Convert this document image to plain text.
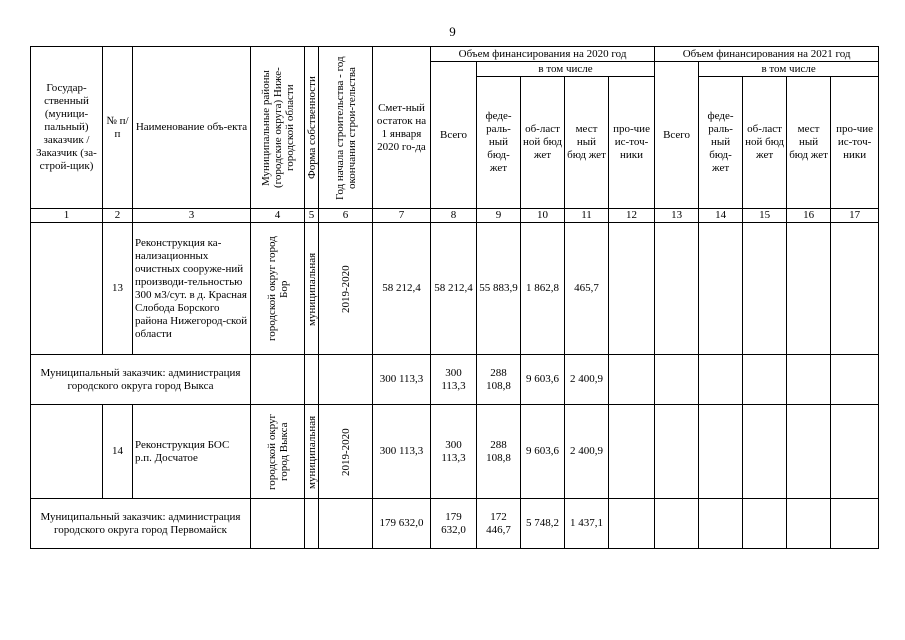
9
Государ-ственный (муници-пальный) заказчик /Заказчик (за-строй-щик)	№ п/п	Наименование объ-екта	Муниципальные районы (городские округа) Ниже-городской области	Форма собственности	Год начала строительства - год окончания строи-тельства	Смет-ный остаток на 1 января 2020 го-да	Объем финансирования на 2020 год					Объем финансирования на 2021 год				
							Всего	в том числе				Всего	в том числе			
								феде-раль-ный бюд-жет	об-ласт ной бюд жет	мест ный бюд жет	про-чие ис-точ-ники		феде-раль-ный бюд-жет	об-ласт ной бюд жет	мест ный бюд жет	про-чие ис-точ-ники
1	2	3	4	5	6	7	8	9	10	11	12	13	14	15	16	17
	13	Реконструкция ка-нализационных очистных сооруже-ний производи-тельностью 300 м3/сут. в д. Красная Слобода Борского района Нижегород-ской области	городской округ город Бор	муниципальная	2019-2020	58 212,4	58 212,4	55 883,9	1 862,8	465,7						
Муниципальный заказчик: администрация городского округа город Выкса						300 113,3	300 113,3	288 108,8	9 603,6	2 400,9						
	14	Реконструкция БОС р.п. Досчатое	городской округ город Выкса	муниципальная	2019-2020	300 113,3	300 113,3	288 108,8	9 603,6	2 400,9						
Муниципальный заказчик: администрация городского округа город Первомайск						179 632,0	179 632,0	172 446,7	5 748,2	1 437,1						
